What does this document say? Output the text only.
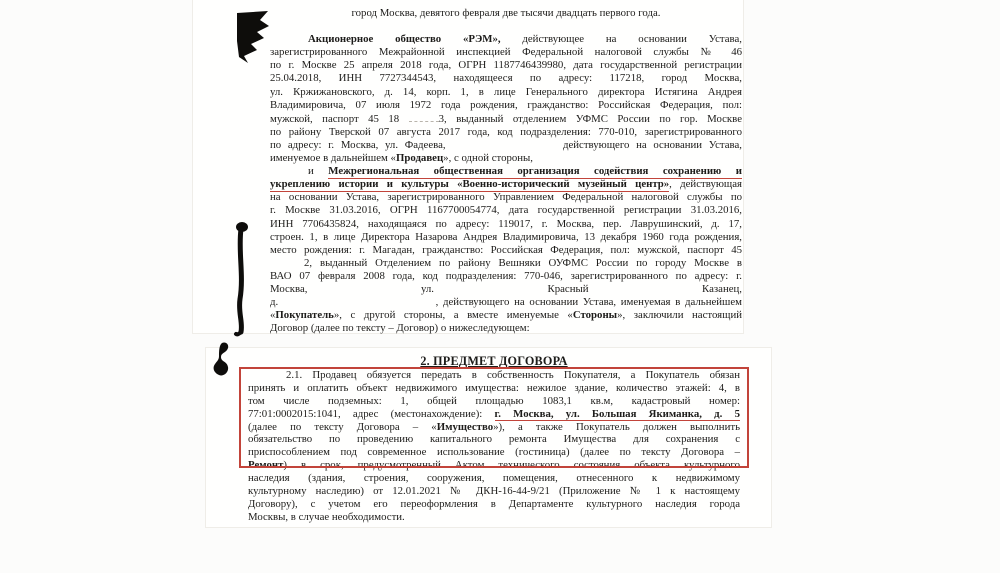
город Москва, девятого февраля две тысячи двадцать первого года.

Акционерное общество «РЭМ», действующее на основании Устава,
зарегистрированного Межрайонной инспекцией Федеральной налоговой службы № 46
по г. Москве 25 апреля 2018 года, ОГРН 1187746439980, дата государственной регистрации
25.04.2018, ИНН 7727344543, находящееся по адресу: 117218, город Москва,
ул. Кржижановского, д. 14, корп. 1, в лице Генерального директора Истягина Андрея
Владимировича, 07 июля 1972 года рождения, гражданство: Российская Федерация, пол:
мужской, паспорт 45 18	3, выданный отделением УФМС России по гор. Москве
по району Тверской 07 августа 2017 года, код подразделения: 770-010, зарегистрированного
по адресу: г. Москва, ул. Фадеева,	действующего на основании Устава,
именуемое в дальнейшем «Продавец», с одной стороны,
и Межрегиональная общественная организация содействия сохранению и
укреплению истории и культуры «Военно-исторический музейный центр», действующая
на основании Устава, зарегистрированного Управлением Федеральной налоговой службы по
г. Москве 31.03.2016, ОГРН 1167700054774, дата государственной регистрации 31.03.2016,
ИНН 7706435824, находящаяся по адресу: 119017, г. Москва, пер. Лаврушинский, д. 17,
строен. 1, в лице Директора Назарова Андрея Владимировича, 13 декабря 1960 года рождения,
место рождения: г. Магадан, гражданство: Российская Федерация, пол: мужской, паспорт 45
2, выданный Отделением по району Вешняки ОУФМС России по городу Москве в
ВАО 07 февраля 2008 года, код подразделения: 770-046, зарегистрированного по адресу: г.
Москва, ул. Красный Казанец,
д.	, действующего на основании Устава, именуемая в дальнейшем
«Покупатель», с другой стороны, а вместе именуемые «Стороны», заключили настоящий
Договор (далее по тексту – Договор) о нижеследующем:
2. ПРЕДМЕТ ДОГОВОРА
2.1. Продавец обязуется передать в собственность Покупателя, а Покупатель обязан
принять и оплатить объект недвижимого имущества: нежилое здание, количество этажей: 4, в
том числе подземных: 1, общей площадью 1083,1 кв.м, кадастровый номер:
77:01:0002015:1041, адрес (местонахождение): г. Москва, ул. Большая Якиманка, д. 5
(далее по тексту Договора – «Имущество»), а также Покупатель должен выполнить
обязательство по проведению капитального ремонта Имущества для сохранения с
приспособлением под современное использование (гостиница) (далее по тексту Договора –
Ремонт) в срок, предусмотренный Актом технического состояния объекта культурного
наследия (здания, строения, сооружения, помещения, отнесенного к недвижимому
культурному наследию) от 12.01.2021 № ДКН-16-44-9/21 (Приложение № 1 к настоящему
Договору), с учетом его переоформления в Департаменте культурного наследия города
Москвы, в случае необходимости.
